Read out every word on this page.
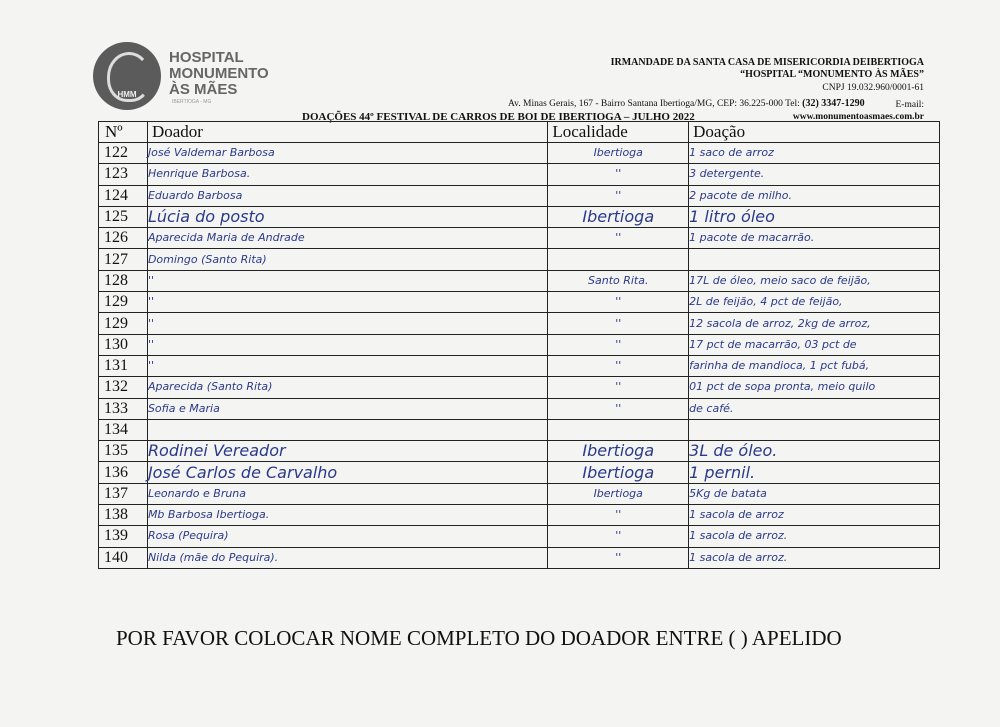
HMM
HOSPITAL
MONUMENTO
ÀS MÃES
IBERTIOGA - MG
IRMANDADE DA SANTA CASA DE MISERICORDIA DEIBERTIOGA
“HOSPITAL “MONUMENTO ÀS MÃES”
CNPJ 19.032.960/0001-61
Av. Minas Gerais, 167 - Bairro Santana Ibertioga/MG, CEP: 36.225-000 Tel: (32) 3347-1290	E-mail:
www.monumentoasmaes.com.br
DOAÇÕES 44º FESTIVAL DE CARROS DE BOI DE IBERTIOGA – JULHO 2022
Nº	Doador	Localidade	Doação
122	José Valdemar Barbosa	Ibertioga	1 saco de arroz

123	Henrique Barbosa.	''	3 detergente.

124	Eduardo Barbosa	''	2 pacote de milho.

125	Lúcia do posto	Ibertioga	1 litro óleo

126	Aparecida Maria de Andrade	''	1 pacote de macarrão.

127	Domingo (Santo Rita)		

128	''	Santo Rita.	17L de óleo, meio saco de feijão,

129	''	''	2L de feijão, 4 pct de feijão,

129	''	''	12 sacola de arroz, 2kg de arroz,

130	''	''	17 pct de macarrão, 03 pct de

131	''	''	farinha de mandioca, 1 pct fubá,

132	Aparecida (Santo Rita)	''	01 pct de sopa pronta, meio quilo

133	Sofia e Maria	''	de café.

134	

135	Rodinei Vereador	Ibertioga	3L de óleo.

136	José Carlos de Carvalho	Ibertioga	1 pernil.

137	Leonardo e Bruna	Ibertioga	5Kg de batata

138	Mb Barbosa Ibertioga.	''	1 sacola de arroz

139	Rosa (Pequira)	''	1 sacola de arroz.

140	Nilda (mãe do Pequira).	''	1 sacola de arroz.
POR FAVOR COLOCAR NOME COMPLETO DO DOADOR ENTRE ( ) APELIDO
